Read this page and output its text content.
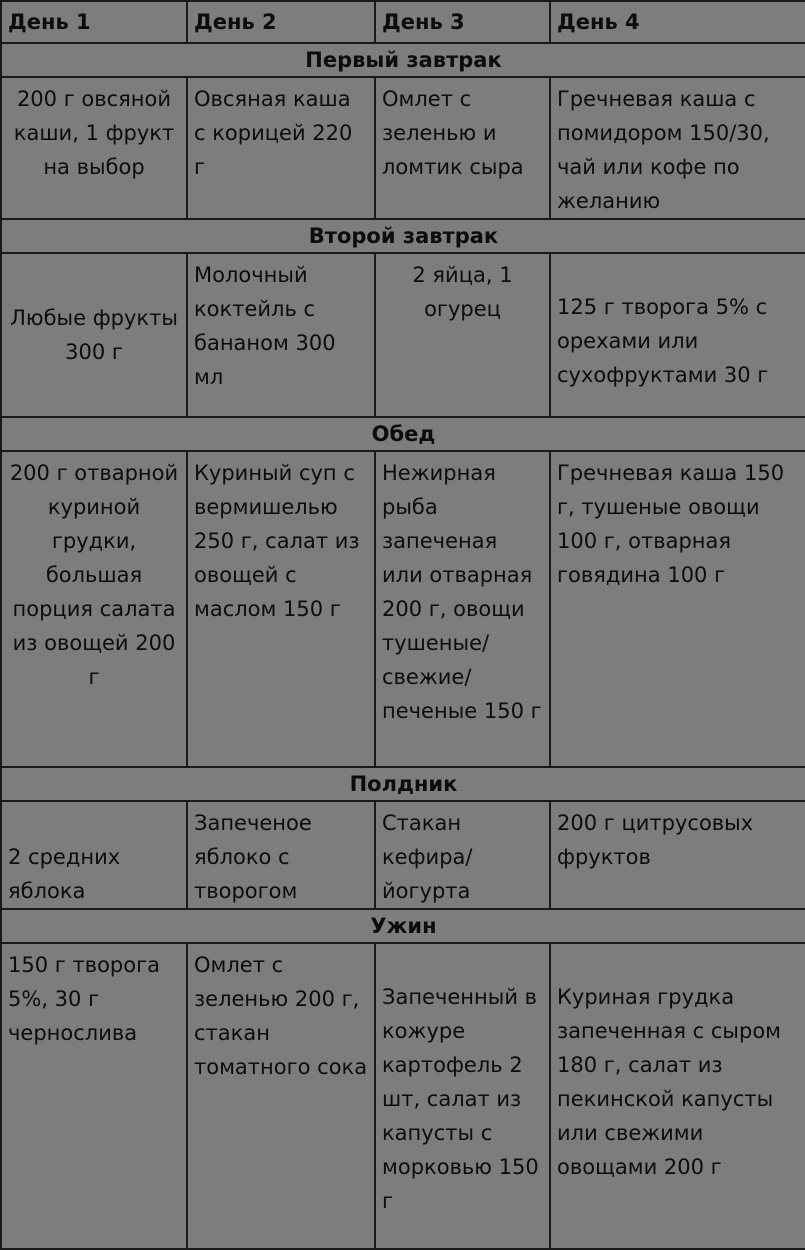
День 1	День 2	День 3	День 4
Первый завтрак			
200 г овсяной каши, 1 фрукт на выбор	Овсяная каша с корицей 220 г	Омлет с зеленью и ломтик сыра	Гречневая каша с помидором 150/30, чай или кофе по желанию
Второй завтрак			
Любые фрукты 300 г	Молочный коктейль с бананом 300 мл	2 яйца, 1 огурец	125 г творога 5% с орехами или сухофруктами 30 г
Обед			
200 г отварной куриной грудки, большая порция салата из овощей 200 г	Куриный суп с вермишелью 250 г, салат из овощей с маслом 150 г	Нежирная рыба запеченая или отварная 200 г, овощи тушеные/ свежие/ печеные 150 г	Гречневая каша 150 г, тушеные овощи 100 г, отварная говядина 100 г
Полдник			
2 средних яблока	Запеченое яблоко с творогом	Стакан кефира/ йогурта	200 г цитрусовых фруктов
Ужин			
150 г творога 5%, 30 г чернослива	Омлет с зеленью 200 г, стакан томатного сока	Запеченный в кожуре картофель 2 шт, салат из капусты с морковью 150 г	Куриная грудка запеченная с сыром 180 г, салат из пекинской капусты или свежими овощами 200 г
